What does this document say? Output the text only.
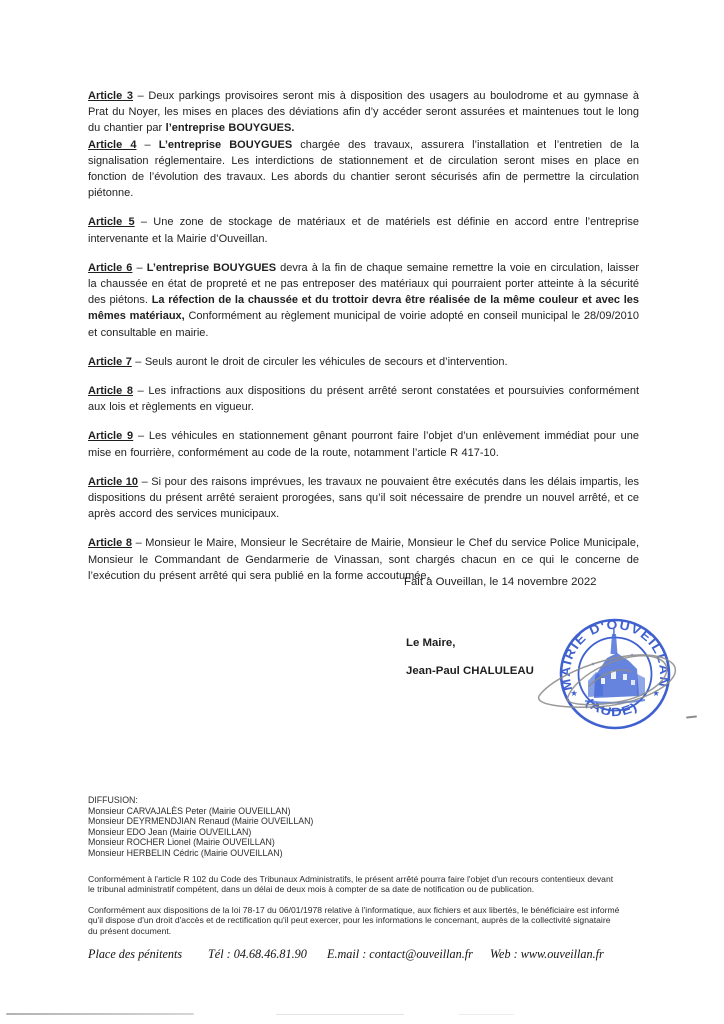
Article 3 – Deux parkings provisoires seront mis à disposition des usagers au boulodrome et au gymnase à Prat du Noyer, les mises en places des déviations afin d’y accéder seront assurées et maintenues tout le long du chantier par l’entreprise BOUYGUES.

Article 4 – L’entreprise BOUYGUES chargée des travaux, assurera l’installation et l’entretien de la signalisation réglementaire. Les interdictions de stationnement et de circulation seront mises en place en fonction de l’évolution des travaux. Les abords du chantier seront sécurisés afin de permettre la circulation piétonne.

Article 5 – Une zone de stockage de matériaux et de matériels est définie en accord entre l’entreprise intervenante et la Mairie d’Ouveillan.

Article 6 – L’entreprise BOUYGUES devra à la fin de chaque semaine remettre la voie en circulation, laisser la chaussée en état de propreté et ne pas entreposer des matériaux qui pourraient porter atteinte à la sécurité des piétons. La réfection de la chaussée et du trottoir devra être réalisée de la même couleur et avec les mêmes matériaux, Conformément au règlement municipal de voirie adopté en conseil municipal le 28/09/2010 et consultable en mairie.

Article 7 – Seuls auront le droit de circuler les véhicules de secours et d’intervention.

Article 8 – Les infractions aux dispositions du présent arrêté seront constatées et poursuivies conformément aux lois et règlements en vigueur.

Article 9 – Les véhicules en stationnement gênant pourront faire l’objet d’un enlèvement immédiat pour une mise en fourrière, conformément au code de la route, notamment l’article R 417-10.

Article 10 – Si pour des raisons imprévues, les travaux ne pouvaient être exécutés dans les délais impartis, les dispositions du présent arrêté seraient prorogées, sans qu’il soit nécessaire de prendre un nouvel arrêté, et ce après accord des services municipaux.

Article 8 – Monsieur le Maire, Monsieur le Secrétaire de Mairie, Monsieur le Chef du service Police Municipale, Monsieur le Commandant de Gendarmerie de Vinassan, sont chargés chacun en ce qui le concerne de l’exécution du présent arrêté qui sera publié en la forme accoutumée.

Fait à Ouveillan, le 14 novembre 2022
Le Maire,
Jean-Paul CHALULEAU
MAIRIE D'OUVEILLAN
(AUDE)
★	★
DIFFUSION:
Monsieur CARVAJALÈS Peter (Mairie OUVEILLAN)
Monsieur DEYRMENDJIAN Renaud (Mairie OUVEILLAN)
Monsieur EDO Jean (Mairie OUVEILLAN)
Monsieur ROCHER Lionel (Mairie OUVEILLAN)
Monsieur HERBELIN Cédric (Mairie OUVEILLAN)

Conformément à l'article R 102 du Code des Tribunaux Administratifs, le présent arrêté pourra faire l'objet d'un recours contentieux devant le tribunal administratif compétent, dans un délai de deux mois à compter de sa date de notification ou de publication.

Conformément aux dispositions de la loi 78-17 du 06/01/1978 relative à l'informatique, aux fichiers et aux libertés, le bénéficiaire est informé qu'il dispose d'un droit d'accès et de rectification qu'il peut exercer, pour les informations le concernant, auprès de la collectivité signataire du présent document.

Place des pénitents Tél : 04.68.46.81.90 E.mail : contact@ouveillan.fr Web : www.ouveillan.fr
